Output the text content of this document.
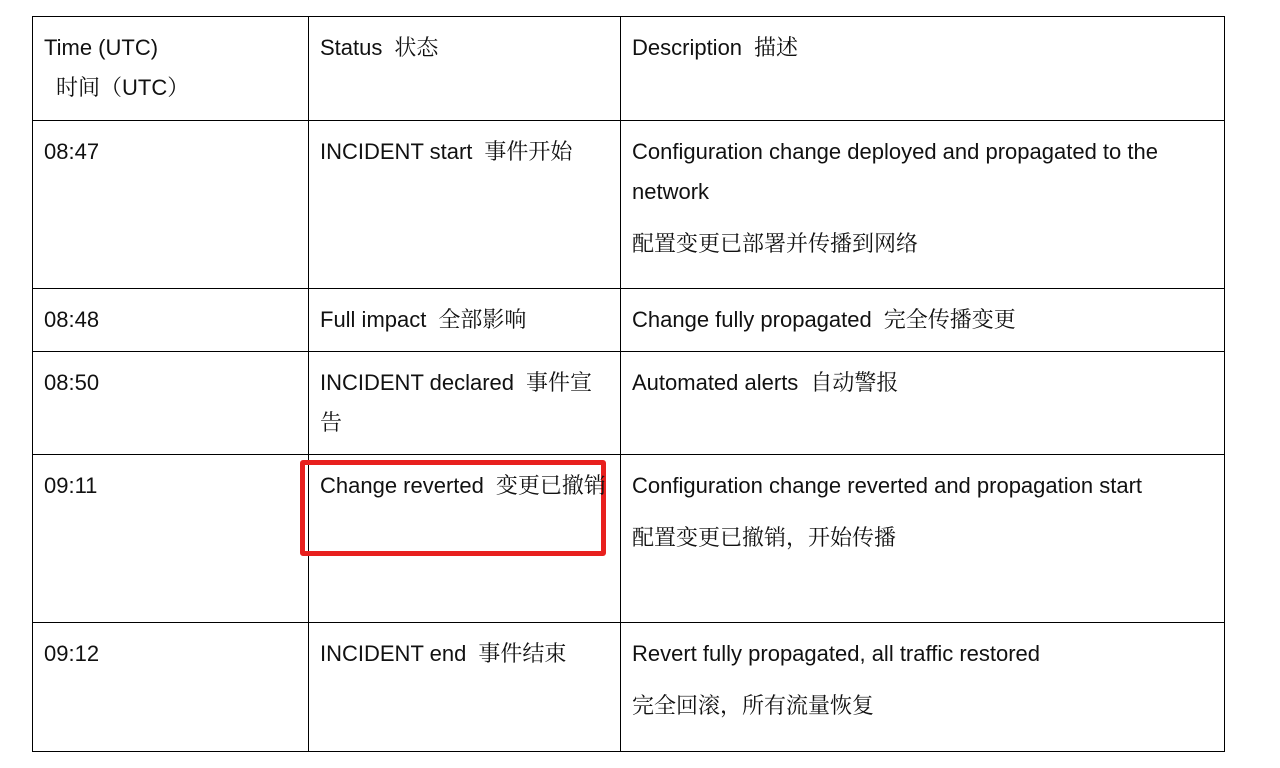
Time (UTC)时间（UTC）	Status 状态	Description 描述
08:47	INCIDENT start 事件开始	Configuration change deployed and propagated to the network
配置变更已部署并传播到网络

08:48	Full impact 全部影响	Change fully propagated 完全传播变更
08:50	INCIDENT declared 事件宣告	Automated alerts 自动警报
09:11	Change reverted 变更已撤销	Configuration change reverted and propagation start
配置变更已撤销，开始传播

09:12	INCIDENT end 事件结束	Revert fully propagated, all traffic restored
完全回滚，所有流量恢复
